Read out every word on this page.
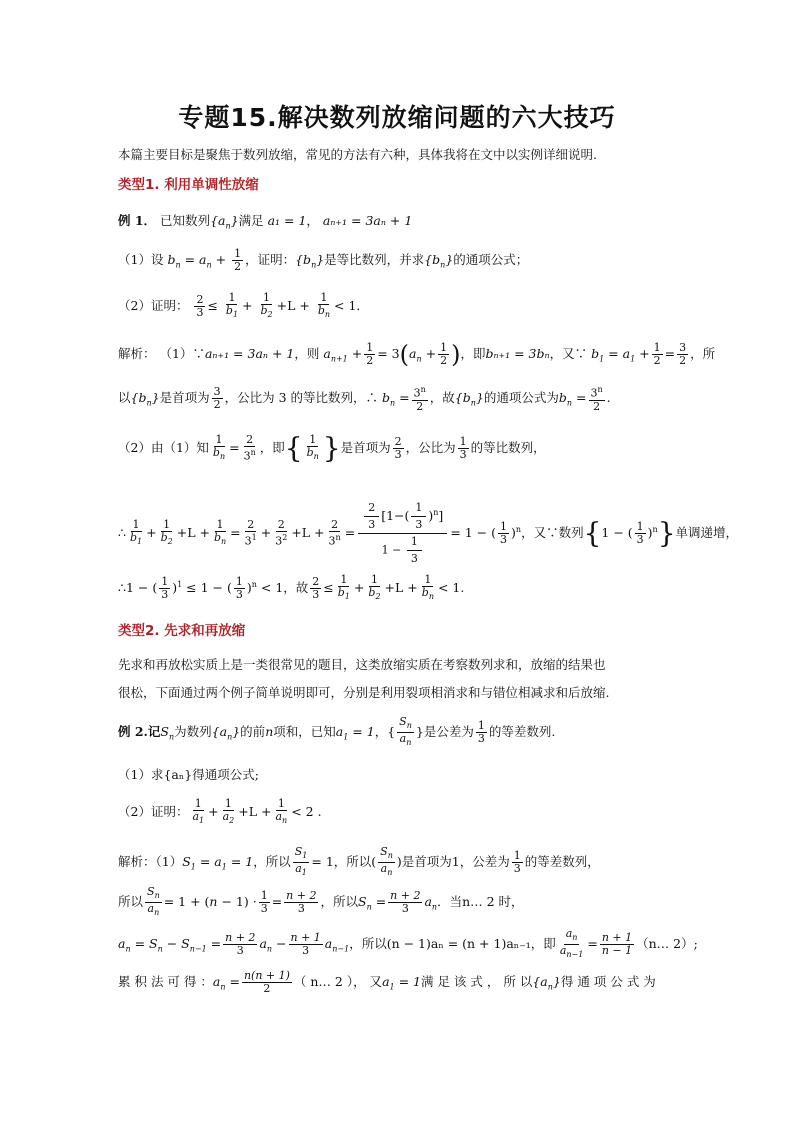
专题15.解决数列放缩问题的六大技巧
本篇主要目标是聚焦于数列放缩，常见的方法有六种，具体我将在文中以实例详细说明.
类型1. 利用单调性放缩
例 1． 已知数列$\{a_n\}$满足 a₁ = 1， aₙ₊₁ = 3aₙ + 1
（1）设 $b_n = a_n + \frac{1}{2}$ ，证明：$\{b_n\}$是等比数列，并求$\{b_n\}$的通项公式；
（2）证明： $\frac{2}{3} \le \frac{1}{b_1} + \frac{1}{b_2} +L + \frac{1}{b_n} < 1$．
解析： （1）∵aₙ₊₁ = 3aₙ + 1，则 $a_{n+1} + \frac{1}{2} = 3(a_n + \frac{1}{2}$ )，即bₙ₊₁ = 3bₙ，又∵ $b_1 = a_1 + \frac{1}{2} = \frac{3}{2}$ ，所
以$\{b_n\}$是首项为 $\frac{3}{2}$ ，公比为 3 的等比数列，∴ $b_n = \frac{3^n}{2}$ ，故$\{b_n\}$的通项公式为$b_n = \frac{3^n}{2}$ .
（2）由（1）知 $\frac{1}{b_n} = \frac{2}{3^n}$ ，即{ $\frac{1}{b_n}$ }是首项为 $\frac{2}{3}$ ，公比为 $\frac{1}{3}$ 的等比数列，
∴ $\frac{1}{b_1} + \frac{1}{b_2} +L + \frac{1}{b_n} = \frac{2}{3^1} + \frac{2}{3^2} +L + \frac{2}{3^n} = \frac{\frac{2}{3} [1-( \frac{1}{3} )^n]}{1 - \frac{1}{3}} = 1$ − ( $\frac{1}{3} )^n$，又∵数列{1 − ( $\frac{1}{3} )^n$}单调递增，
∴1 − ( $\frac{1}{3} )^1 \le 1$ − ( $\frac{1}{3} )^n < 1$，故 $\frac{2}{3} \le \frac{1}{b_1} + \frac{1}{b_2} +L + \frac{1}{b_n} < 1$.
类型2. 先求和再放缩
先求和再放松实质上是一类很常见的题目，这类放缩实质在考察数列求和，放缩的结果也
很松，下面通过两个例子简单说明即可，分别是利用裂项相消求和与错位相减求和后放缩.
例 2.记$S_n$为数列$\{a_n\}$的前n项和，已知$a_1 = 1$，{ $\frac{S_n}{a_n}$ }是公差为 $\frac{1}{3}$ 的等差数列.
（1）求{aₙ}得通项公式;
（2）证明： $\frac{1}{a_1} + \frac{1}{a_2} +L + \frac{1}{a_n} < 2$ .
解析：$(1)S_1 = a_1 = 1$，所以 $\frac{S_1}{a_1} = 1$，所以( $\frac{S_n}{a_n}$ )是首项为1，公差为 $\frac{1}{3}$ 的等差数列，
所以 $\frac{S_n}{a_n} = 1 + (n - 1) \cdot \frac{1}{3} = \frac{n + 2}{3}$ ，所以$S_n = \frac{n + 2}{3} a_n$．当n… 2 时，
$a_n = S_n - S_{n-1} = \frac{n + 2}{3} a_n - \frac{n + 1}{3} a_{n-1}$，所以(n − 1)aₙ = (n + 1)aₙ₋₁，即 $\frac{a_n}{a_{n-1}} = \frac{n + 1}{n - 1}$ （n… 2）;
累 积 法 可 得 ：$a_n = \frac{n(n + 1)}{2}$ （ n… 2 ）， 又$a_1 = 1$满 足 该 式 ， 所 以$\{a_n\}$得 通 项 公 式 为
